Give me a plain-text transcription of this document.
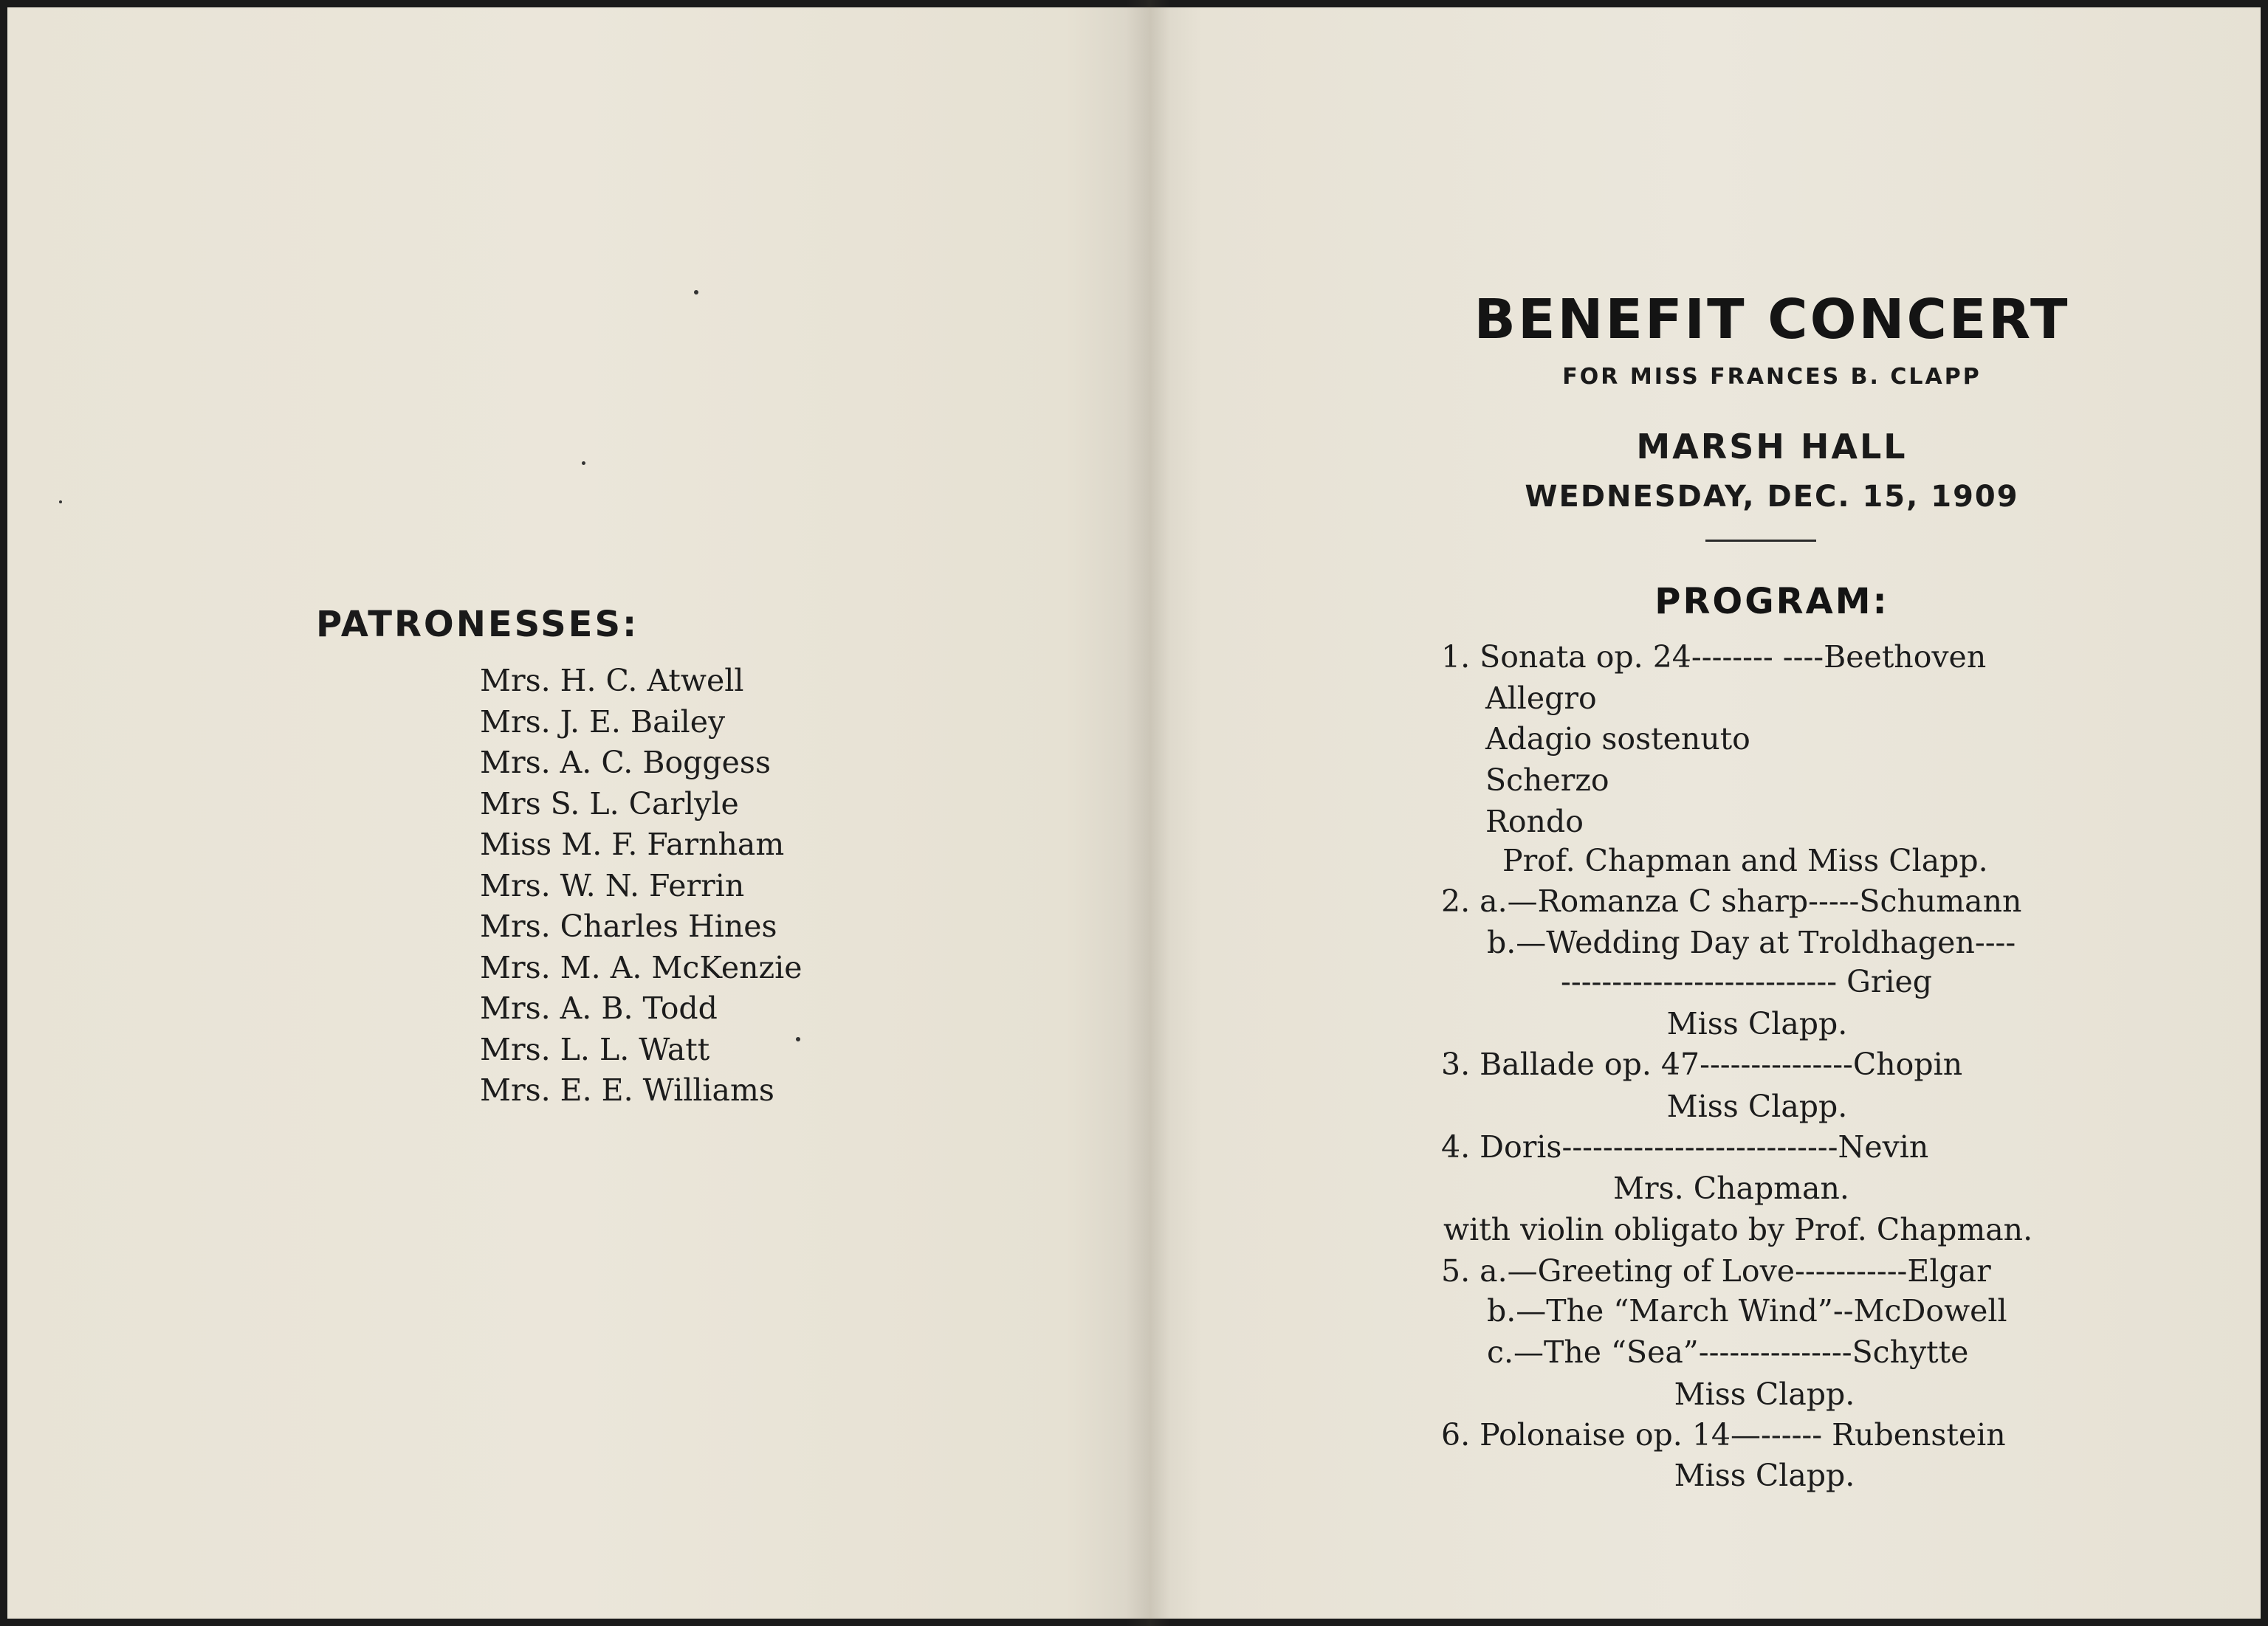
PATRONESSES:
Mrs. H. C. Atwell
Mrs. J. E. Bailey
Mrs. A. C. Boggess
Mrs S. L. Carlyle
Miss M. F. Farnham
Mrs. W. N. Ferrin
Mrs. Charles Hines
Mrs. M. A. McKenzie
Mrs. A. B. Todd
Mrs. L. L. Watt
Mrs. E. E. Williams
BENEFIT CONCERT
FOR MISS FRANCES B. CLAPP
MARSH HALL
WEDNESDAY, DEC. 15, 1909
PROGRAM:
1. Sonata op. 24-------- ----Beethoven
Allegro
Adagio sostenuto
Scherzo
Rondo
Prof. Chapman and Miss Clapp.
2. a.—Romanza C sharp-----Schumann
b.—Wedding Day at Troldhagen----
--------------------------- Grieg
Miss Clapp.
3. Ballade op. 47---------------Chopin
Miss Clapp.
4. Doris---------------------------Nevin
Mrs. Chapman.
with violin obligato by Prof. Chapman.
5. a.—Greeting of Love-----------Elgar
b.—The “March Wind”--McDowell
c.—The “Sea”---------------Schytte
Miss Clapp.
6. Polonaise op. 14—------ Rubenstein
Miss Clapp.
